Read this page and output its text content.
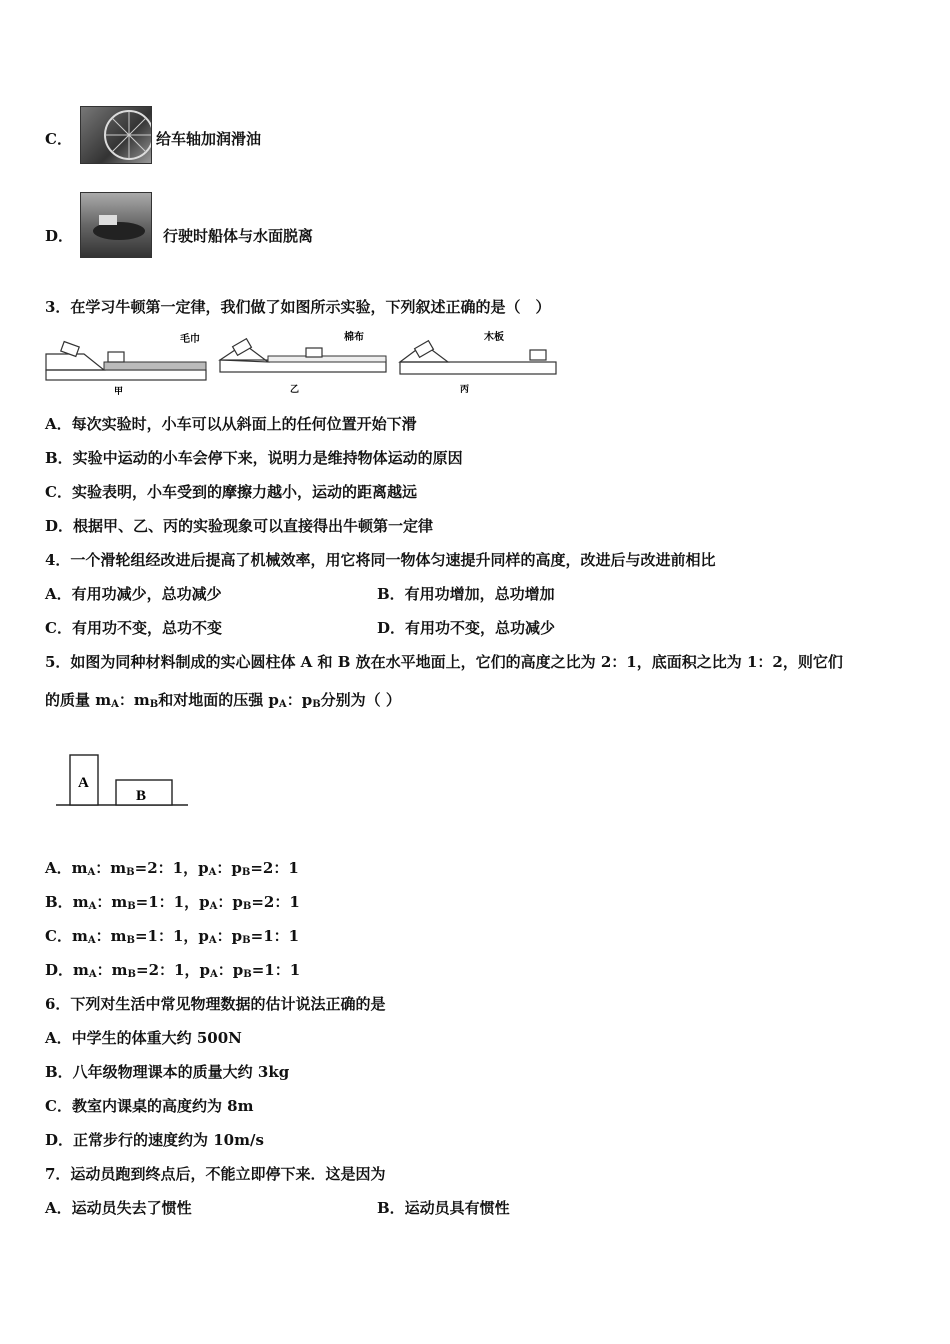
C．	给车轴加润滑油
D．	行驶时船体与水面脱离
3．在学习牛顿第一定律，我们做了如图所示实验，下列叙述正确的是（　）
毛巾
甲
棉布
乙
木板
丙
A．每次实验时，小车可以从斜面上的任何位置开始下滑
B．实验中运动的小车会停下来，说明力是维持物体运动的原因
C．实验表明，小车受到的摩擦力越小，运动的距离越远
D．根据甲、乙、丙的实验现象可以直接得出牛顿第一定律
4．一个滑轮组经改进后提高了机械效率，用它将同一物体匀速提升同样的高度，改进后与改进前相比
A．有用功减少，总功减少	B．有用功增加，总功增加
C．有用功不变，总功不变	D．有用功不变，总功减少
5．如图为同种材料制成的实心圆柱体 A 和 B 放在水平地面上，它们的高度之比为 2：1，底面积之比为 1：2，则它们
的质量 $m_A$：$m_B$和对地面的压强 $p_A$：$p_B$分别为（ ）
A
B
A．$m_A$：$m_B=2$：1，$p_A$：$p_B=2$：1
B．$m_A$：$m_B=1$：1，$p_A$：$p_B=2$：1
C．$m_A$：$m_B=1$：1，$p_A$：$p_B=1$：1
D．$m_A$：$m_B=2$：1，$p_A$：$p_B=1$：1
6．下列对生活中常见物理数据的估计说法正确的是
A．中学生的体重大约 500N
B．八年级物理课本的质量大约 3kg
C．教室内课桌的高度约为 8m
D．正常步行的速度约为 10m/s
7．运动员跑到终点后，不能立即停下来．这是因为
A．运动员失去了惯性	B．运动员具有惯性
